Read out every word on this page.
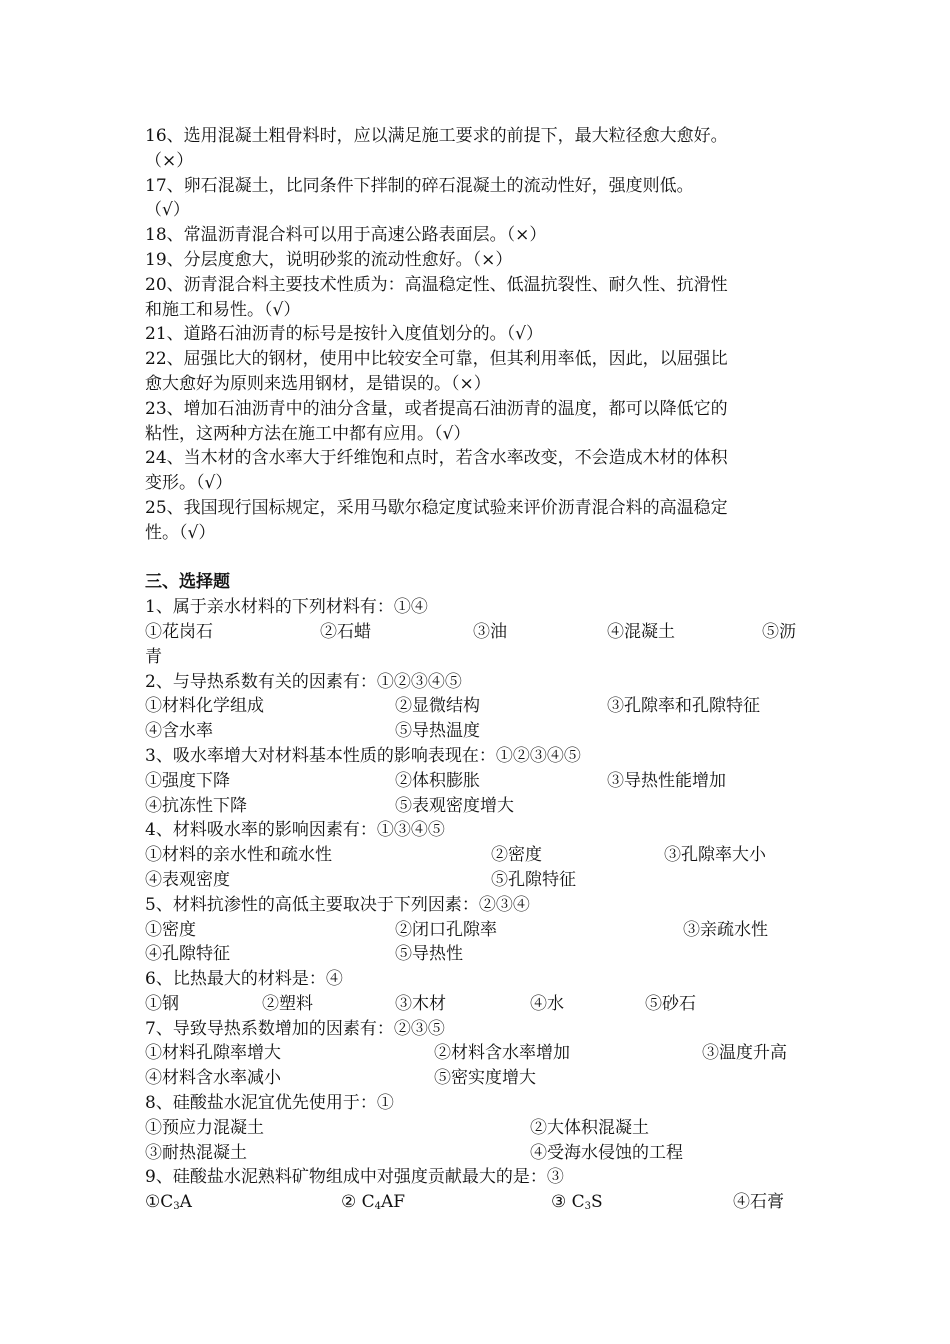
16、选用混凝土粗骨料时，应以满足施工要求的前提下，最大粒径愈大愈好。
（×）
17、卵石混凝土，比同条件下拌制的碎石混凝土的流动性好，强度则低。
（√）
18、常温沥青混合料可以用于高速公路表面层。（×）
19、分层度愈大，说明砂浆的流动性愈好。（×）
20、沥青混合料主要技术性质为：高温稳定性、低温抗裂性、耐久性、抗滑性
和施工和易性。（√）
21、道路石油沥青的标号是按针入度值划分的。（√）
22、屈强比大的钢材，使用中比较安全可靠，但其利用率低，因此，以屈强比
愈大愈好为原则来选用钢材，是错误的。（×）
23、增加石油沥青中的油分含量，或者提高石油沥青的温度，都可以降低它的
粘性，这两种方法在施工中都有应用。（√）
24、当木材的含水率大于纤维饱和点时，若含水率改变，不会造成木材的体积
变形。（√）
25、我国现行国标规定，采用马歇尔稳定度试验来评价沥青混合料的高温稳定
性。（√）
三、选择题
1、属于亲水材料的下列材料有：①④
①花岗石	②石蜡	③油	④混凝土	⑤沥
青
2、与导热系数有关的因素有：①②③④⑤
①材料化学组成	②显微结构	③孔隙率和孔隙特征
④含水率	⑤导热温度
3、吸水率增大对材料基本性质的影响表现在：①②③④⑤
①强度下降	②体积膨胀	③导热性能增加
④抗冻性下降	⑤表观密度增大
4、材料吸水率的影响因素有：①③④⑤
①材料的亲水性和疏水性	②密度	③孔隙率大小
④表观密度	⑤孔隙特征
5、材料抗渗性的高低主要取决于下列因素：②③④
①密度	②闭口孔隙率	③亲疏水性
④孔隙特征	⑤导热性
6、比热最大的材料是：④
①钢	②塑料	③木材	④水	⑤砂石
7、导致导热系数增加的因素有：②③⑤
①材料孔隙率增大	②材料含水率增加	③温度升高
④材料含水率减小	⑤密实度增大
8、硅酸盐水泥宜优先使用于：①
①预应力混凝土	②大体积混凝土
③耐热混凝土	④受海水侵蚀的工程
9、硅酸盐水泥熟料矿物组成中对强度贡献最大的是：③
$①C_3A$	② $C_4AF$	③ $C_3S$	④石膏
